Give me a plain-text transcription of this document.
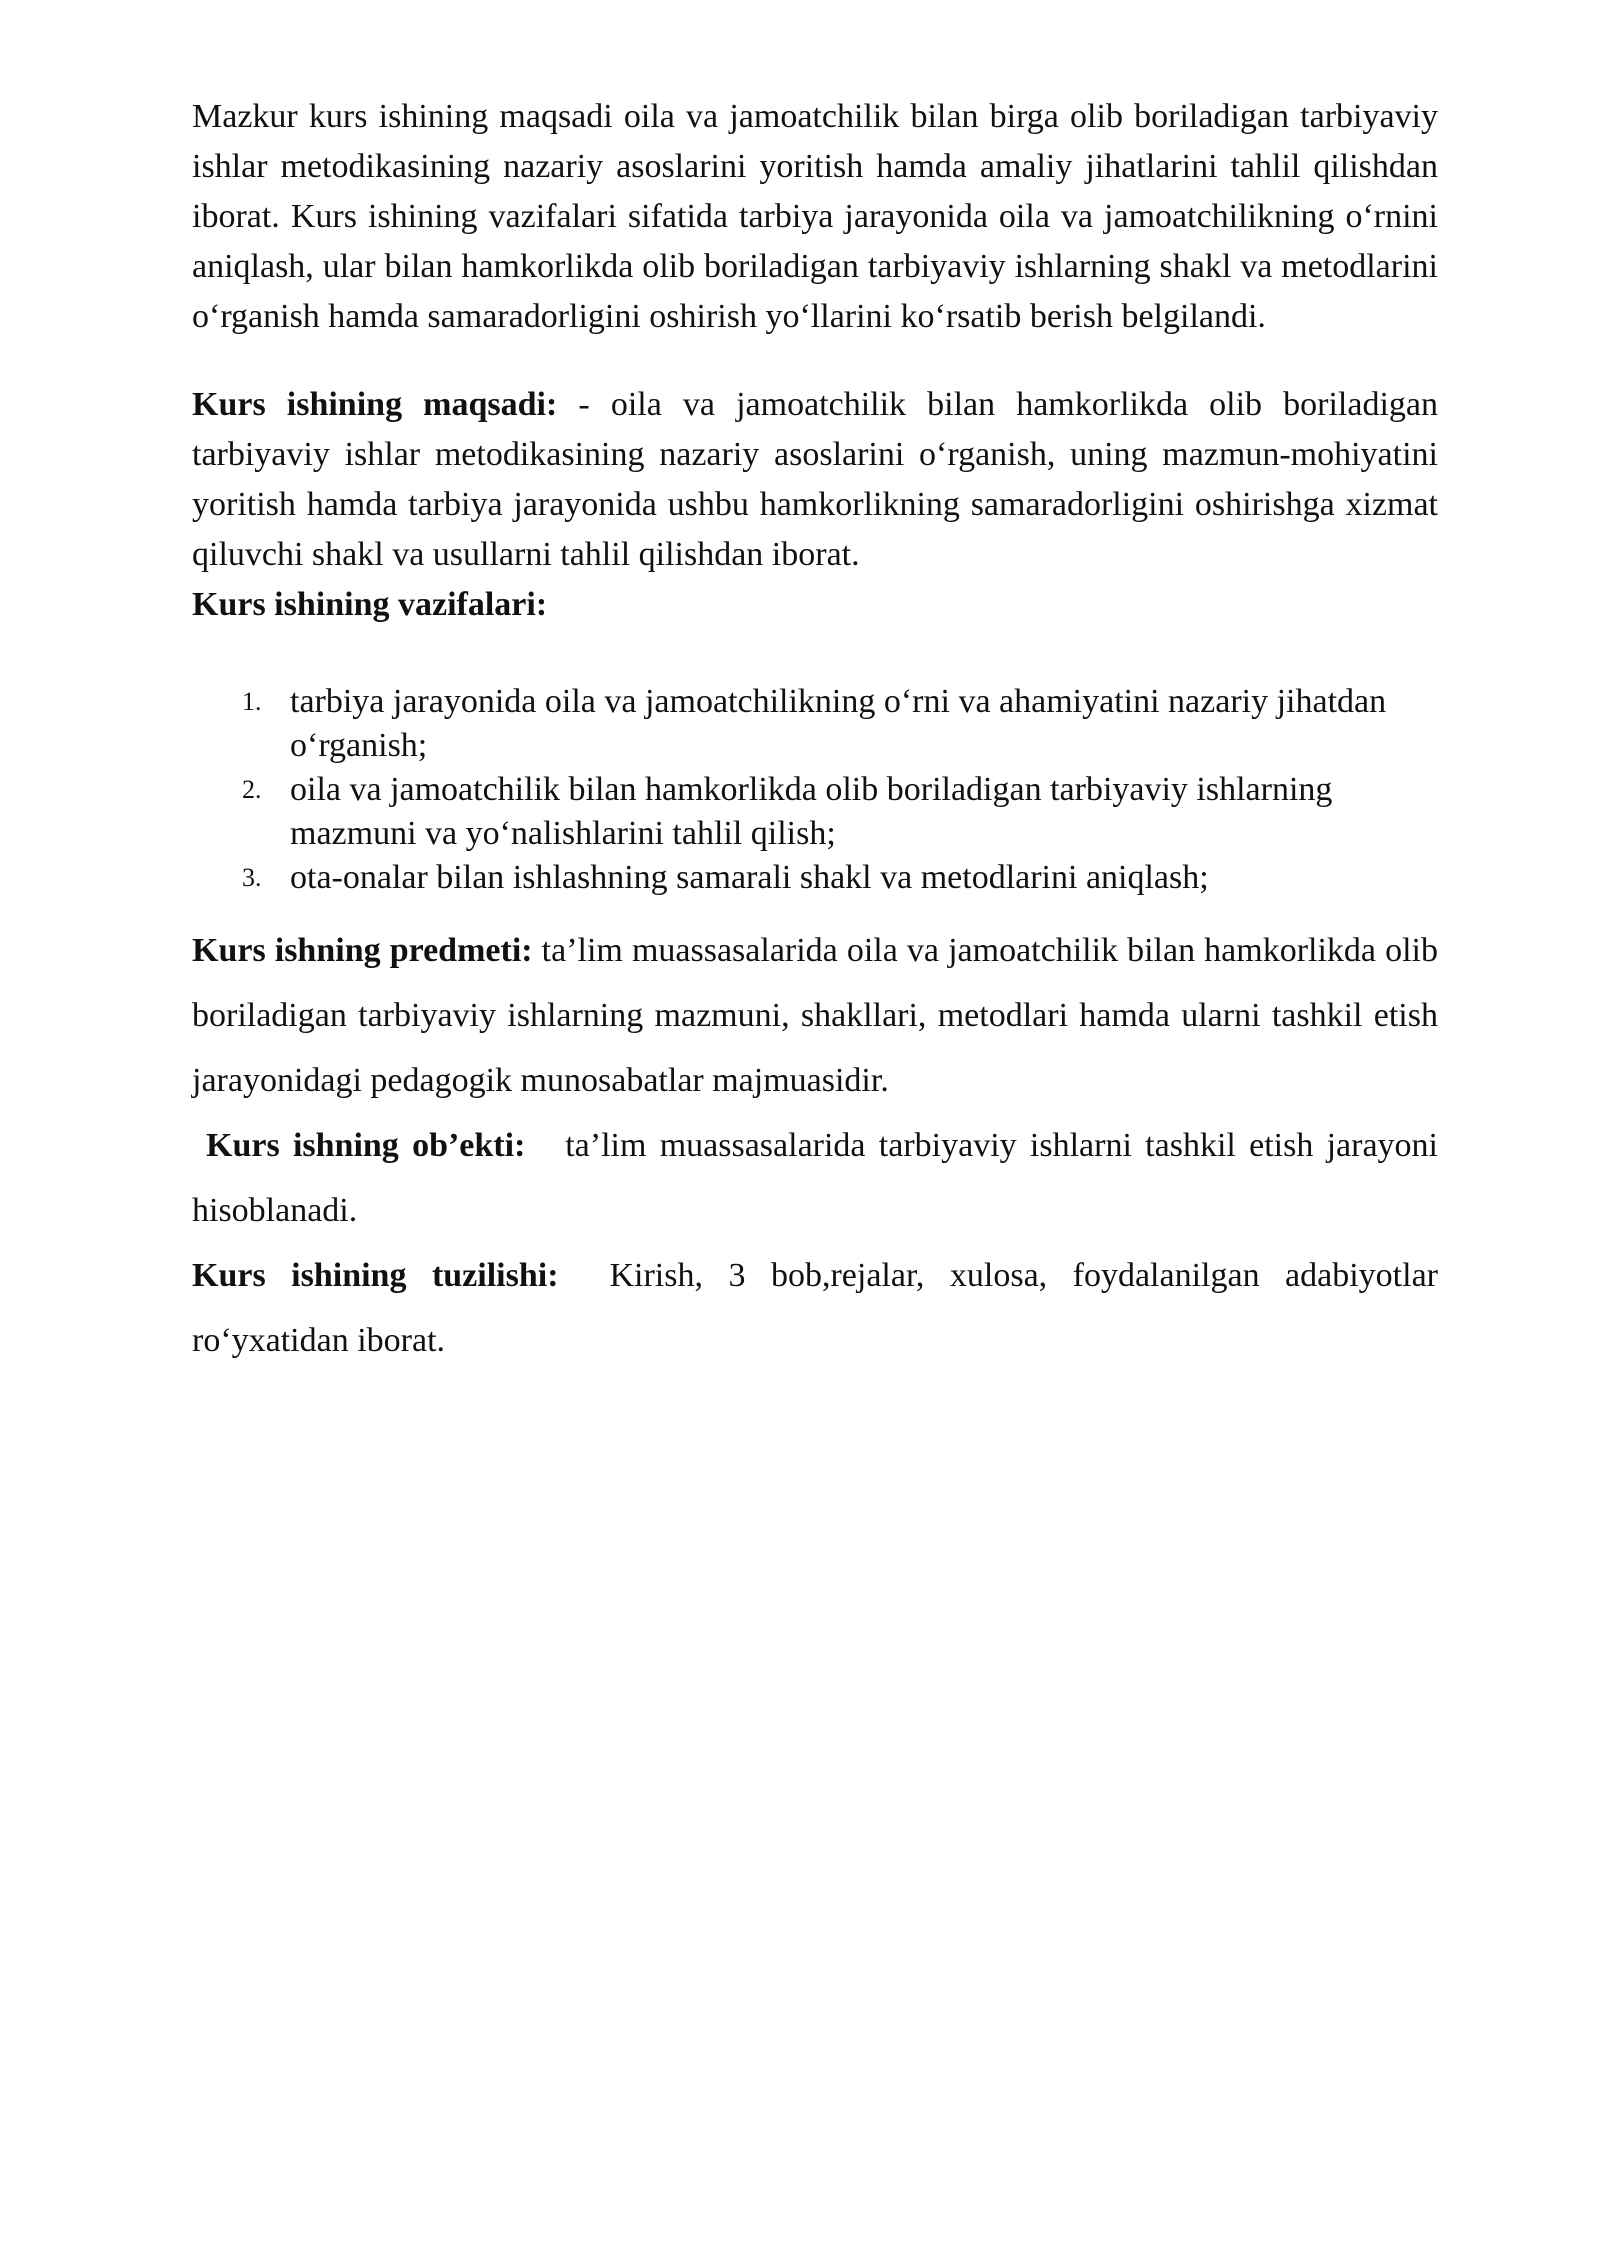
Mazkur kurs ishining maqsadi oila va jamoatchilik bilan birga olib boriladigan tarbiyaviy ishlar metodikasining nazariy asoslarini yoritish hamda amaliy jihatlarini tahlil qilishdan iborat. Kurs ishining vazifalari sifatida tarbiya jarayonida oila va jamoatchilikning o‘rnini aniqlash, ular bilan hamkorlikda olib boriladigan tarbiyaviy ishlarning shakl va metodlarini o‘rganish hamda samaradorligini oshirish yo‘llarini ko‘rsatib berish belgilandi.

Kurs ishining maqsadi: - oila va jamoatchilik bilan hamkorlikda olib boriladigan tarbiyaviy ishlar metodikasining nazariy asoslarini o‘rganish, uning mazmun-mohiyatini yoritish hamda tarbiya jarayonida ushbu hamkorlikning samaradorligini oshirishga xizmat qiluvchi shakl va usullarni tahlil qilishdan iborat.

Kurs ishining vazifalari:

1. tarbiya jarayonida oila va jamoatchilikning o‘rni va ahamiyatini nazariy jihatdan o‘rganish;
2. oila va jamoatchilik bilan hamkorlikda olib boriladigan tarbiyaviy ishlarning mazmuni va yo‘nalishlarini tahlil qilish;
3. ota-onalar bilan ishlashning samarali shakl va metodlarini aniqlash;

Kurs ishning predmeti: ta’lim muassasalarida oila va jamoatchilik bilan hamkorlikda olib boriladigan tarbiyaviy ishlarning mazmuni, shakllari, metodlari hamda ularni tashkil etish jarayonidagi pedagogik munosabatlar majmuasidir.

Kurs ishning ob’ekti:   ta’lim muassasalarida tarbiyaviy ishlarni tashkil etish jarayoni hisoblanadi.

Kurs ishining tuzilishi:  Kirish, 3 bob,rejalar, xulosa, foydalanilgan adabiyotlar ro‘yxatidan iborat.
